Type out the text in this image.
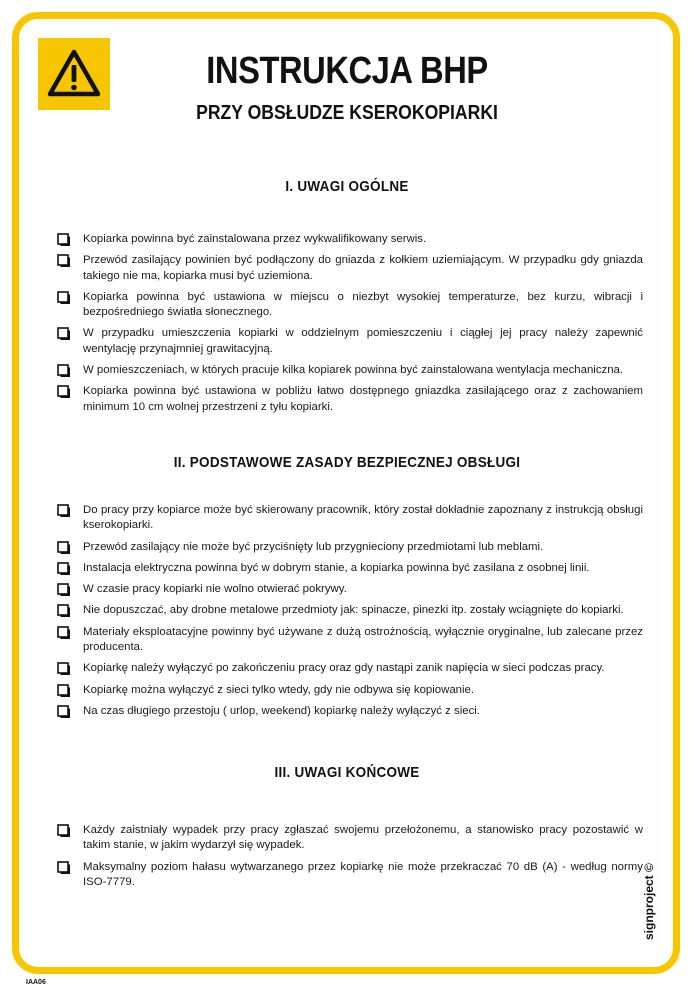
INSTRUKCJA BHP
PRZY OBSŁUDZE KSEROKOPIARKI
I. UWAGI OGÓLNE
Kopiarka powinna być zainstalowana przez wykwalifikowany serwis.
Przewód zasilający powinien być podłączony do gniazda z kołkiem uziemiającym. W przypadku gdy gniazda takiego nie ma, kopiarka musi być uziemiona.
Kopiarka powinna być ustawiona w miejscu o niezbyt wysokiej temperaturze, bez kurzu, wibracji i bezpośredniego światła słonecznego.
W przypadku umieszczenia kopiarki w oddzielnym pomieszczeniu i ciągłej jej pracy należy zapewnić wentylację przynajmniej grawitacyjną.
W pomieszczeniach, w których pracuje kilka kopiarek powinna być zainstalowana wentylacja mechaniczna.
Kopiarka powinna być ustawiona w pobliżu łatwo dostępnego gniazdka zasilającego oraz z zachowaniem minimum 10 cm wolnej przestrzeni z tyłu kopiarki.
II. PODSTAWOWE ZASADY BEZPIECZNEJ OBSŁUGI
Do pracy przy kopiarce może być skierowany pracownik, który został dokładnie zapoznany z instrukcją obsługi kserokopiarki.
Przewód zasilający nie może być przyciśnięty lub przygnieciony przedmiotami lub meblami.
Instalacja elektryczna powinna być w dobrym stanie, a kopiarka powinna być zasilana z osobnej linii.
W czasie pracy kopiarki nie wolno otwierać pokrywy.
Nie dopuszczać, aby drobne metalowe przedmioty jak: spinacze, pinezki itp. zostały wciągnięte do kopiarki.
Materiały eksploatacyjne powinny być używane z dużą ostrożnością, wyłącznie oryginalne, lub zalecane przez producenta.
Kopiarkę należy wyłączyć po zakończeniu pracy oraz gdy nastąpi zanik napięcia w sieci podczas pracy.
Kopiarkę można wyłączyć z sieci tylko wtedy, gdy nie odbywa się kopiowanie.
Na czas długiego przestoju ( urlop, weekend) kopiarkę należy wyłączyć z sieci.
III. UWAGI KOŃCOWE
Każdy zaistniały wypadek przy pracy zgłaszać swojemu przełożonemu, a stanowisko pracy pozostawić w takim stanie, w jakim wydarzył się wypadek.
Maksymalny poziom hałasu wytwarzanego przez kopiarkę nie może przekraczać 70 dB (A) - według normy ISO-7779.	signproject ©
IAA06
